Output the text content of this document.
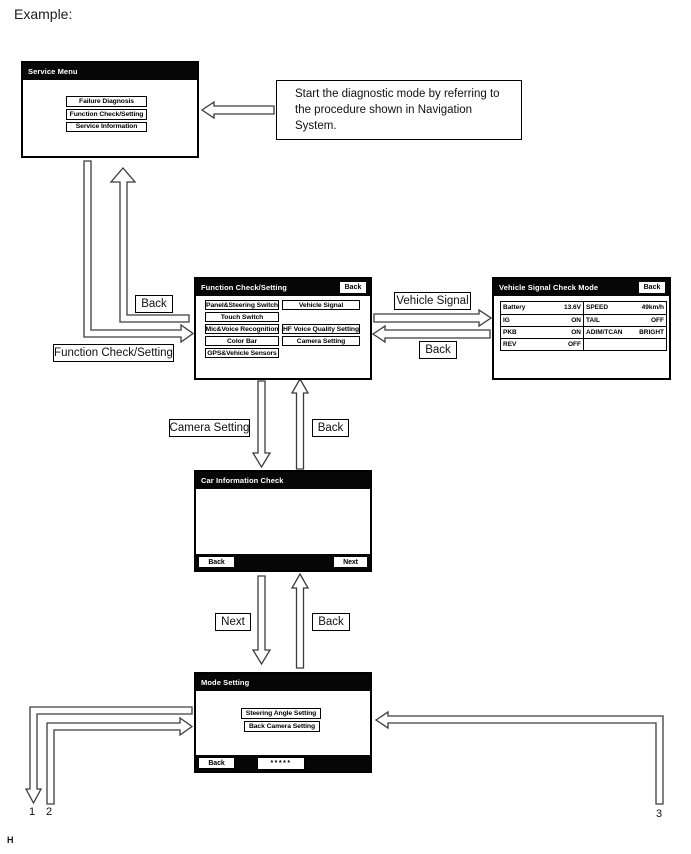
Example:
Start the diagnostic mode by referring to the procedure shown in Navigation System.
Service Menu
Failure Diagnosis
Function Check/Setting
Service Information
Function Check/Setting	Back
Panel&Steering Switch
Touch Switch
Mic&Voice Recognition
Color Bar
GPS&Vehicle Sensors
Vehicle Signal
HF Voice Quality Setting
Camera Setting
Vehicle Signal Check Mode	Back
Battery	13.6V SPEED	49km/h
IG	ON TAIL	OFF
PKB	ON ADIM/TCAN	BRIGHT
REV	OFF
Car Information Check
Back	Next
Mode Setting
Steering Angle Setting
Back Camera Setting
Back	*****
Back
Function Check/Setting
Vehicle Signal
Back
Camera Setting	Back
Next	Back
1 2	3
H
